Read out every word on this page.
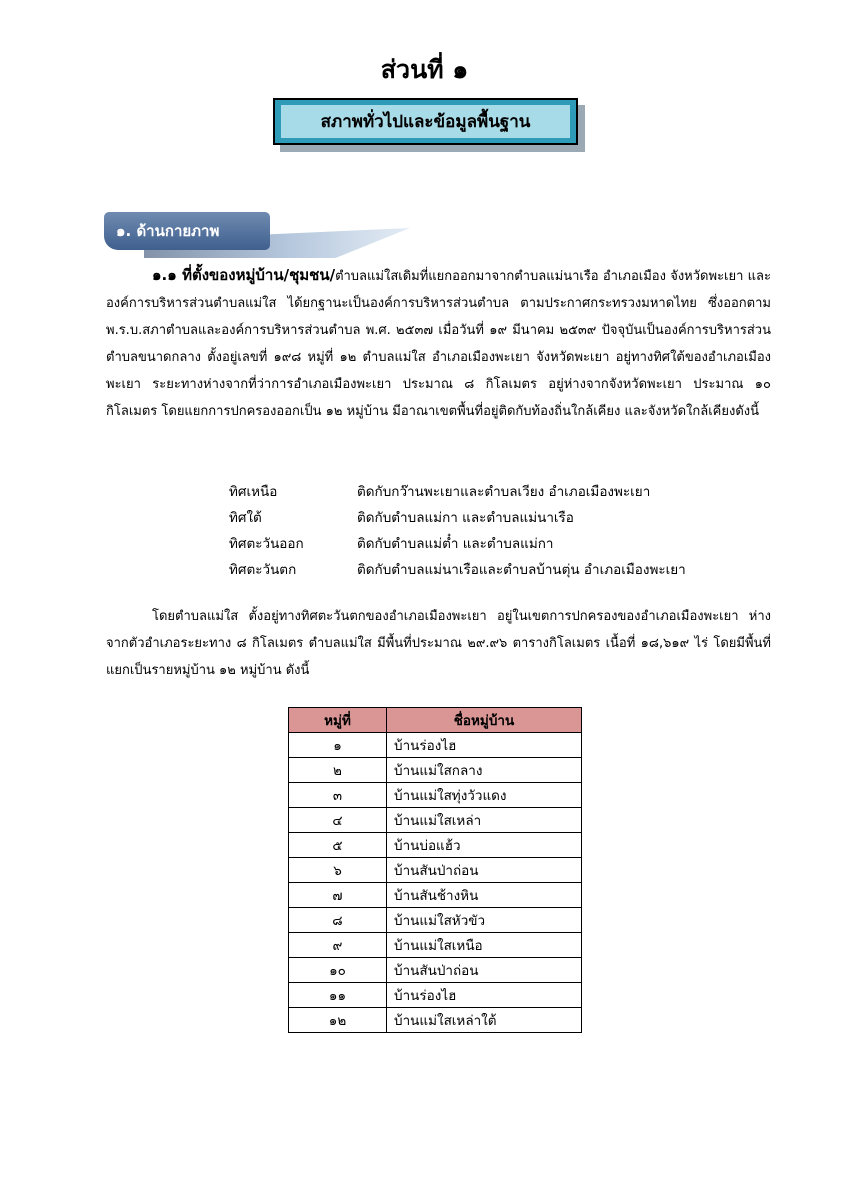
ส่วนที่ ๑
สภาพทั่วไปและข้อมูลพื้นฐาน
๑. ด้านกายภาพ
๑.๑ ที่ตั้งของหมู่บ้าน/ชุมชน/ตำบลแม่ใสเดิมที่แยกออกมาจากตำบลแม่นาเรือ อำเภอเมือง จังหวัดพะเยา และองค์การบริหารส่วนตำบลแม่ใส ได้ยกฐานะเป็นองค์การบริหารส่วนตำบล ตามประกาศกระทรวงมหาดไทย ซึ่งออกตาม พ.ร.บ.สภาตำบลและองค์การบริหารส่วนตำบล พ.ศ. ๒๕๓๗ เมื่อวันที่ ๑๙ มีนาคม ๒๕๓๙ ปัจจุบันเป็นองค์การบริหารส่วนตำบลขนาดกลาง ตั้งอยู่เลขที่ ๑๙๘ หมู่ที่ ๑๒ ตำบลแม่ใส อำเภอเมืองพะเยา จังหวัดพะเยา อยู่ทางทิศใต้ของอำเภอเมืองพะเยา ระยะทางห่างจากที่ว่าการอำเภอเมืองพะเยา ประมาณ ๘ กิโลเมตร อยู่ห่างจากจังหวัดพะเยา ประมาณ ๑๐ กิโลเมตร โดยแยกการปกครองออกเป็น ๑๒ หมู่บ้าน มีอาณาเขตพื้นที่อยู่ติดกับท้องถิ่นใกล้เคียง และจังหวัดใกล้เคียงดังนี้
ทิศเหนือ	ติดกับกว๊านพะเยาและตำบลเวียง อำเภอเมืองพะเยา
ทิศใต้	ติดกับตำบลแม่กา และตำบลแม่นาเรือ
ทิศตะวันออก	ติดกับตำบลแม่ต๋ำ และตำบลแม่กา
ทิศตะวันตก	ติดกับตำบลแม่นาเรือและตำบลบ้านตุ่น อำเภอเมืองพะเยา
โดยตำบลแม่ใส ตั้งอยู่ทางทิศตะวันตกของอำเภอเมืองพะเยา อยู่ในเขตการปกครองของอำเภอเมืองพะเยา ห่างจากตัวอำเภอระยะทาง ๘ กิโลเมตร ตำบลแม่ใส มีพื้นที่ประมาณ ๒๙.๙๖ ตารางกิโลเมตร เนื้อที่ ๑๘,๖๑๙ ไร่ โดยมีพื้นที่แยกเป็นรายหมู่บ้าน ๑๒ หมู่บ้าน ดังนี้
หมู่ที่	ชื่อหมู่บ้าน
๑	บ้านร่องไฮ
๒	บ้านแม่ใสกลาง
๓	บ้านแม่ใสทุ่งวัวแดง
๔	บ้านแม่ใสเหล่า
๕	บ้านบ่อแฮ้ว
๖	บ้านสันป่าถ่อน
๗	บ้านสันช้างหิน
๘	บ้านแม่ใสหัวขัว
๙	บ้านแม่ใสเหนือ
๑๐	บ้านสันป่าถ่อน
๑๑	บ้านร่องไฮ
๑๒	บ้านแม่ใสเหล่าใต้
